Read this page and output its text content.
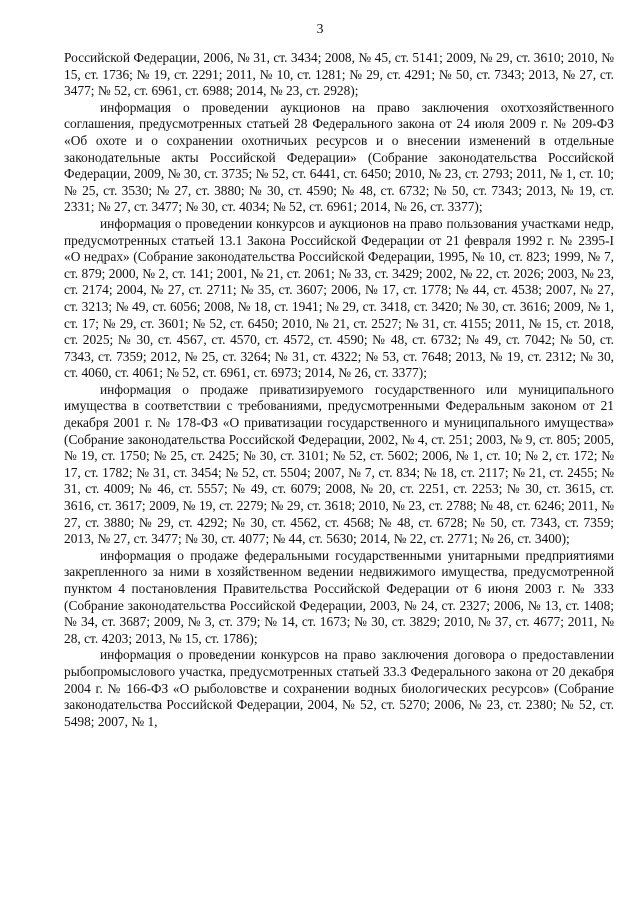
3

Российской Федерации, 2006, № 31, ст. 3434; 2008, № 45, ст. 5141; 2009, № 29, ст. 3610; 2010, № 15, ст. 1736; № 19, ст. 2291; 2011, № 10, ст. 1281; № 29, ст. 4291; № 50, ст. 7343; 2013, № 27, ст. 3477; № 52, ст. 6961, ст. 6988; 2014, № 23, ст. 2928);

информация о проведении аукционов на право заключения охотхозяйственного соглашения, предусмотренных статьей 28 Федерального закона от 24 июля 2009 г. № 209-ФЗ «Об охоте и о сохранении охотничьих ресурсов и о внесении изменений в отдельные законодательные акты Российской Федерации» (Собрание законодательства Российской Федерации, 2009, № 30, ст. 3735; № 52, ст. 6441, ст. 6450; 2010, № 23, ст. 2793; 2011, № 1, ст. 10; № 25, ст. 3530; № 27, ст. 3880; № 30, ст. 4590; № 48, ст. 6732; № 50, ст. 7343; 2013, № 19, ст. 2331; № 27, ст. 3477; № 30, ст. 4034; № 52, ст. 6961; 2014, № 26, ст. 3377);

информация о проведении конкурсов и аукционов на право пользования участками недр, предусмотренных статьей 13.1 Закона Российской Федерации от 21 февраля 1992 г. № 2395-I «О недрах» (Собрание законодательства Российской Федерации, 1995, № 10, ст. 823; 1999, № 7, ст. 879; 2000, № 2, ст. 141; 2001, № 21, ст. 2061; № 33, ст. 3429; 2002, № 22, ст. 2026; 2003, № 23, ст. 2174; 2004, № 27, ст. 2711; № 35, ст. 3607; 2006, № 17, ст. 1778; № 44, ст. 4538; 2007, № 27, ст. 3213; № 49, ст. 6056; 2008, № 18, ст. 1941; № 29, ст. 3418, ст. 3420; № 30, ст. 3616; 2009, № 1, ст. 17; № 29, ст. 3601; № 52, ст. 6450; 2010, № 21, ст. 2527; № 31, ст. 4155; 2011, № 15, ст. 2018, ст. 2025; № 30, ст. 4567, ст. 4570, ст. 4572, ст. 4590; № 48, ст. 6732; № 49, ст. 7042; № 50, ст. 7343, ст. 7359; 2012, № 25, ст. 3264; № 31, ст. 4322; № 53, ст. 7648; 2013, № 19, ст. 2312; № 30, ст. 4060, ст. 4061; № 52, ст. 6961, ст. 6973; 2014, № 26, ст. 3377);

информация о продаже приватизируемого государственного или муниципального имущества в соответствии с требованиями, предусмотренными Федеральным законом от 21 декабря 2001 г. № 178-ФЗ «О приватизации государственного и муниципального имущества» (Собрание законодательства Российской Федерации, 2002, № 4, ст. 251; 2003, № 9, ст. 805; 2005, № 19, ст. 1750; № 25, ст. 2425; № 30, ст. 3101; № 52, ст. 5602; 2006, № 1, ст. 10; № 2, ст. 172; № 17, ст. 1782; № 31, ст. 3454; № 52, ст. 5504; 2007, № 7, ст. 834; № 18, ст. 2117; № 21, ст. 2455; № 31, ст. 4009; № 46, ст. 5557; № 49, ст. 6079; 2008, № 20, ст. 2251, ст. 2253; № 30, ст. 3615, ст. 3616, ст. 3617; 2009, № 19, ст. 2279; № 29, ст. 3618; 2010, № 23, ст. 2788; № 48, ст. 6246; 2011, № 27, ст. 3880; № 29, ст. 4292; № 30, ст. 4562, ст. 4568; № 48, ст. 6728; № 50, ст. 7343, ст. 7359; 2013, № 27, ст. 3477; № 30, ст. 4077; № 44, ст. 5630; 2014, № 22, ст. 2771; № 26, ст. 3400);

информация о продаже федеральными государственными унитарными предприятиями закрепленного за ними в хозяйственном ведении недвижимого имущества, предусмотренной пунктом 4 постановления Правительства Российской Федерации от 6 июня 2003 г. № 333 (Собрание законодательства Российской Федерации, 2003, № 24, ст. 2327; 2006, № 13, ст. 1408; № 34, ст. 3687; 2009, № 3, ст. 379; № 14, ст. 1673; № 30, ст. 3829; 2010, № 37, ст. 4677; 2011, № 28, ст. 4203; 2013, № 15, ст. 1786);

информация о проведении конкурсов на право заключения договора о предоставлении рыбопромыслового участка, предусмотренных статьей 33.3 Федерального закона от 20 декабря 2004 г. № 166-ФЗ «О рыболовстве и сохранении водных биологических ресурсов» (Собрание законодательства Российской Федерации, 2004, № 52, ст. 5270; 2006, № 23, ст. 2380; № 52, ст. 5498; 2007, № 1,
